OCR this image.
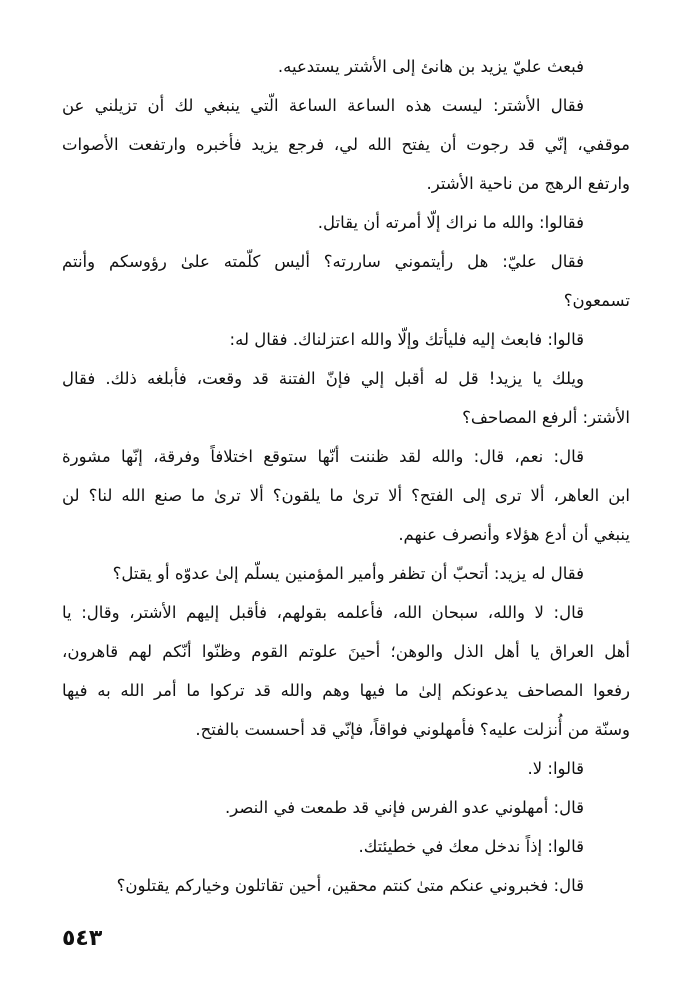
فبعث عليّ يزيد بن هانئ إلى الأشتر يستدعيه.
فقال الأشتر: ليست هذه الساعة الساعة الّتي ينبغي لك أن تزيلني عن
موقفي، إنّي قد رجوت أن يفتح الله لي، فرجع يزيد فأخبره وارتفعت الأصوات
وارتفع الرهج من ناحية الأشتر.
فقالوا: والله ما نراك إلّا أمرته أن يقاتل.
فقال عليّ: هل رأيتموني ساررته؟ أليس كلّمته علىٰ رؤوسكم وأنتم
تسمعون؟
قالوا: فابعث إليه فليأتك وإلّا والله اعتزلناك. فقال له:
ويلك يا يزيد! قل له أقبل إلي فإنّ الفتنة قد وقعت، فأبلغه ذلك. فقال
الأشتر: ألرفع المصاحف؟
قال: نعم، قال: والله لقد ظننت أنّها ستوقع اختلافاً وفرقة، إنّها مشورة
ابن العاهر، ألا ترى إلى الفتح؟ ألا ترىٰ ما يلقون؟ ألا ترىٰ ما صنع الله لنا؟ لن
ينبغي أن أدع هؤلاء وأنصرف عنهم.
فقال له يزيد: أتحبّ أن تظفر وأمير المؤمنين يسلّم إلىٰ عدوّه أو يقتل؟
قال: لا والله، سبحان الله، فأعلمه بقولهم، فأقبل إليهم الأشتر، وقال: يا
أهل العراق يا أهل الذل والوهن؛ أحينَ علوتم القوم وظنّوا أنّكم لهم قاهرون،
رفعوا المصاحف يدعونكم إلىٰ ما فيها وهم والله قد تركوا ما أمر الله به فيها
وسنّة من أُنزلت عليه؟ فأمهلوني فواقاً، فإنّي قد أحسست بالفتح.
قالوا: لا.
قال: أمهلوني عدو الفرس فإني قد طمعت في النصر.
قالوا: إذاً ندخل معك في خطيئتك.
قال: فخبروني عنكم متىٰ كنتم محقين، أحين تقاتلون وخياركم يقتلون؟
٥٤٣
